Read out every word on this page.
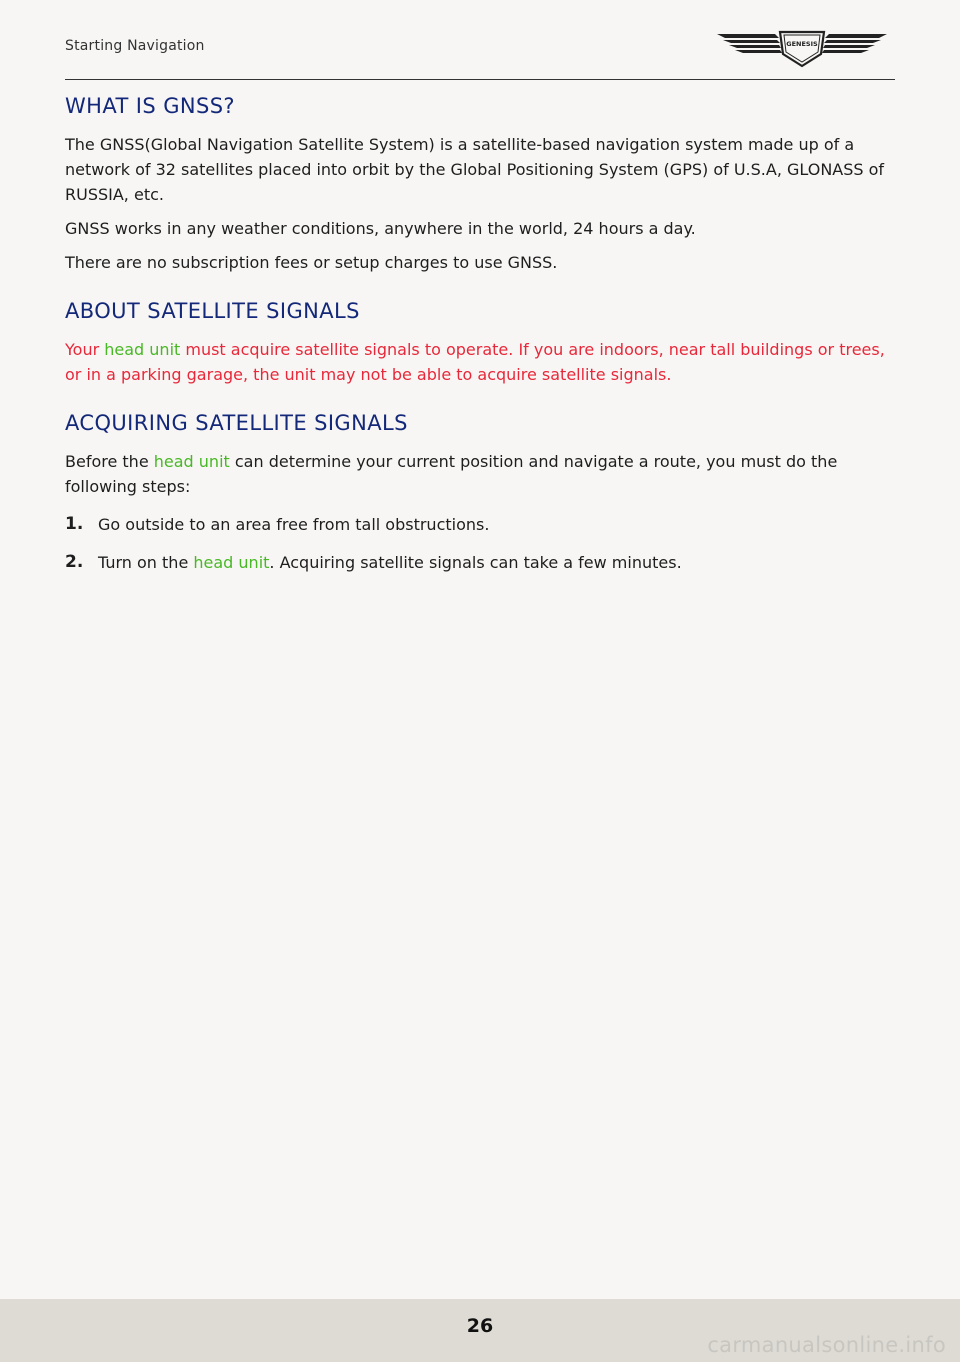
Starting Navigation	GENESIS
WHAT IS GNSS?

The GNSS(Global Navigation Satellite System) is a satellite-based navigation system made up of a network of 32 satellites placed into orbit by the Global Positioning System (GPS) of U.S.A, GLONASS of RUSSIA, etc.

GNSS works in any weather conditions, anywhere in the world, 24 hours a day.

There are no subscription fees or setup charges to use GNSS.

ABOUT SATELLITE SIGNALS

Your head unit must acquire satellite signals to operate. If you are indoors, near tall buildings or trees, or in a parking garage, the unit may not be able to acquire satellite signals.

ACQUIRING SATELLITE SIGNALS

Before the head unit can determine your current position and navigate a route, you must do the following steps:

1. Go outside to an area free from tall obstructions.
2. Turn on the head unit. Acquiring satellite signals can take a few minutes.
26
carmanualsonline.info
